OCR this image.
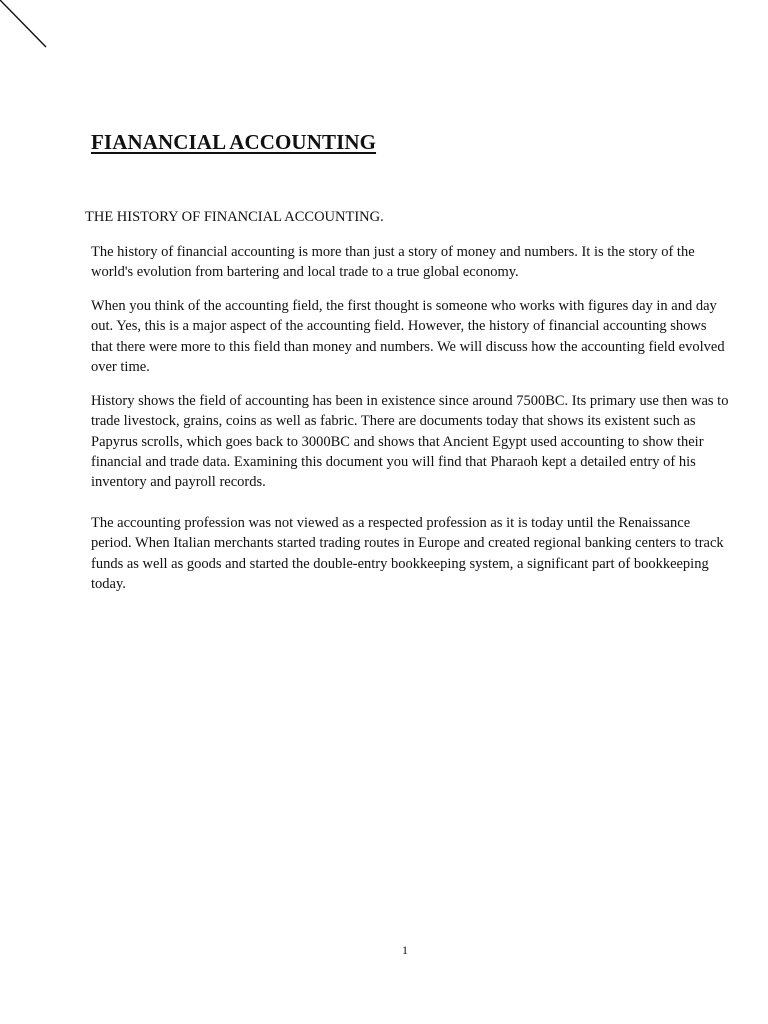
FIANANCIAL ACCOUNTING
THE HISTORY OF FINANCIAL ACCOUNTING.

The history of financial accounting is more than just a story of money and numbers. It is the story of the world's evolution from bartering and local trade to a true global economy.

When you think of the accounting field, the first thought is someone who works with figures day in and day out. Yes, this is a major aspect of the accounting field. However, the history of financial accounting shows that there were more to this field than money and numbers. We will discuss how the accounting field evolved over time.

History shows the field of accounting has been in existence since around 7500BC. Its primary use then was to trade livestock, grains, coins as well as fabric. There are documents today that shows its existent such as Papyrus scrolls, which goes back to 3000BC and shows that Ancient Egypt used accounting to show their financial and trade data. Examining this document you will find that Pharaoh kept a detailed entry of his inventory and payroll records.

The accounting profession was not viewed as a respected profession as it is today until the Renaissance period. When Italian merchants started trading routes in Europe and created regional banking centers to track funds as well as goods and started the double-entry bookkeeping system, a significant part of bookkeeping today.

1
